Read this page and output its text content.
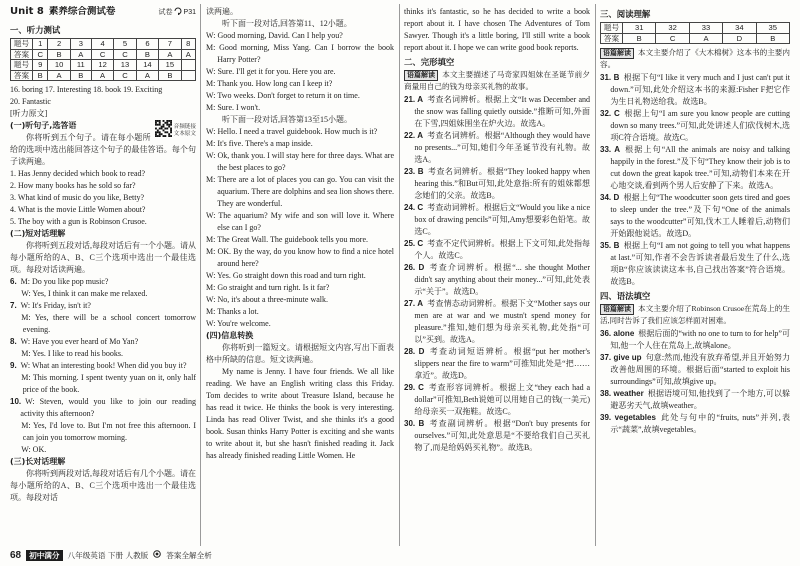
Unit 8 素养综合测试卷	试卷 P31

一、听力测试

题号	1	2	3	4	5	6	7	8
答案	C	B	A	C	C	B	A	A
题号	9	10	11	12	13	14	15	
答案	B	A	B	A	C	A	B	

16. boring 17. Interesting 18. book 19. Exciting

20. Fantastic

[听力原文]

音频链接
文本原文
(一)听句子,选答语

你将听到五个句子。请在每小题所给的选项中选出能回答这个句子的最佳答语。每个句子读两遍。

1. Has Jenny decided which book to read?

2. How many books has he sold so far?

3. What kind of music do you like, Betty?

4. What is the movie Little Women about?

5. The boy with a gun is Robinson Crusoe.

(二)短对话理解

你将听到五段对话,每段对话后有一个小题。请从每小题所给的A、B、C三个选项中选出一个最佳选项。每段对话读两遍。

6. M: Do you like pop music?

W: Yes, I think it can make me relaxed.

7. W: It's Friday, isn't it?

M: Yes, there will be a school concert tomorrow evening.

8. W: Have you ever heard of Mo Yan?

M: Yes. I like to read his books.

9. W: What an interesting book! When did you buy it?

M: This morning. I spent twenty yuan on it, only half price of the book.

10. W: Steven, would you like to join our reading activity this afternoon?

M: Yes, I'd love to. But I'm not free this afternoon. I can join you tomorrow morning.

W: OK.

(三)长对话理解

你将听到两段对话,每段对话后有几个小题。请在每小题所给的A、B、C三个选项中选出一个最佳选项。每段对话

读两遍。

听下面一段对话,回答第11、12小题。

W: Good morning, David. Can I help you?

M: Good morning, Miss Yang. Can I borrow the book Harry Potter?

W: Sure. I'll get it for you. Here you are.

M: Thank you. How long can I keep it?

W: Two weeks. Don't forget to return it on time.

M: Sure. I won't.

听下面一段对话,回答第13至15小题。

W: Hello. I need a travel guidebook. How much is it?

M: It's five. There's a map inside.

W: Ok, thank you. I will stay here for three days. What are the best places to go?

M: There are a lot of places you can go. You can visit the aquarium. There are dolphins and sea lion shows there. They are wonderful.

W: The aquarium? My wife and son will love it. Where else can I go?

M: The Great Wall. The guidebook tells you more.

M: OK. By the way, do you know how to find a nice hotel around here?

W: Yes. Go straight down this road and turn right.

M: Go straight and turn right. Is it far?

W: No, it's about a three-minute walk.

M: Thanks a lot.

W: You're welcome.

(四)信息转换

你将听到一篇短文。请根据短文内容,写出下面表格中所缺的信息。短文读两遍。

My name is Jenny. I have four friends. We all like reading. We have an English writing class this Friday. Tom decides to write about Treasure Island, because he has read it twice. He thinks the book is very interesting. Linda has read Oliver Twist, and she thinks it's a good book. Susan thinks Harry Potter is exciting and she wants to write about it, but she hasn't finished reading it. Jack has already finished reading Little Women. He

thinks it's fantastic, so he has decided to write a book report about it. I have chosen The Adventures of Tom Sawyer. Though it's a little boring, I'll still write a book report about it. I hope we can write good book reports.

二、完形填空

语篇解读 本文主要描述了马奇家四姐妹在圣诞节前夕商量用自己的钱为母亲买礼物的故事。

21. A 考查名词辨析。根据上文“It was December and the snow was falling quietly outside.”推断可知,外面在下雪,四姐妹围坐在炉火边。故选A。

22. A 考查名词辨析。根据“Although they would have no presents...”可知,她们今年圣诞节没有礼物。故选A。

23. B 考查名词辨析。根据“They looked happy when hearing this.”和But可知,此处意指:所有的姐妹都想念她们的父亲。故选B。

24. C 考查动词辨析。根据后文“Would you like a nice box of drawing pencils”可知,Amy想要彩色铅笔。故选C。

25. C 考查不定代词辨析。根据上下文可知,此处指每个人。故选C。

26. D 考查介词辨析。根据“... she thought Mother didn't say anything about their money...”可知,此处表示“关于”。故选D。

27. A 考查情态动词辨析。根据下文“Mother says our men are at war and we mustn't spend money for pleasure.”推知,她们想为母亲买礼物,此处指“可以”买到。故选A。

28. D 考查动词短语辨析。根据“put her mother's slippers near the fire to warm”可推知此处是“把……拿近”。故选D。

29. C 考查形容词辨析。根据上文“they each had a dollar”可推知,Beth说她可以用她自己的钱(一美元)给母亲买一双拖鞋。故选C。

30. B 考查副词辨析。根据“Don't buy presents for ourselves.”可知,此处意思是“不要给我们自己买礼物了,而是给妈妈买礼物”。故选B。

三、阅读理解

题号	31	32	33	34	35
答案	B	C	A	D	B

语篇解读 本文主要介绍了《大木棉树》这本书的主要内容。

31. B 根据下句“I like it very much and I just can't put it down.”可知,此处介绍这本书的来源:Fisher F把它作为生日礼物送给我。故选B。

32. C 根据上句“I am sure you know people are cutting down so many trees.”可知,此处讲述人们砍伐树木,选项C符合语境。故选C。

33. A 根据上句“All the animals are noisy and talking happily in the forest.”及下句“They know their job is to cut down the great kapok tree.”可知,动物们本来在开心地交谈,看到两个男人后安静了下来。故选A。

34. D 根据上句“The woodcutter soon gets tired and goes to sleep under the tree.”及下句“One of the animals says to the woodcutter”可知,伐木工人睡着后,动物们开始跟他说话。故选D。

35. B 根据上句“I am not going to tell you what happens at last.”可知,作者不会告诉读者最后发生了什么,选项B“你应该读读这本书,自己找出答案”符合语境。故选B。

四、语法填空

语篇解读 本文主要介绍了Robinson Crusoe在荒岛上的生活,同时告诉了我们应该怎样面对困难。

36. alone 根据后面的“with no one to turn to for help”可知,他一个人住在荒岛上,故填alone。

37. give up 句意:然而,他没有放弃希望,并且开始努力改善他周围的环境。根据后面“started to exploit his surroundings”可知,故填give up。

38. weather 根据语境可知,他找到了一个地方,可以躲避恶劣天气,故填weather。

39. vegetables 此处与句中的“fruits, nuts”并列,表示“蔬菜”,故填vegetables。

68	初中满分	八年级英语 下册 人教版 答案全解全析
